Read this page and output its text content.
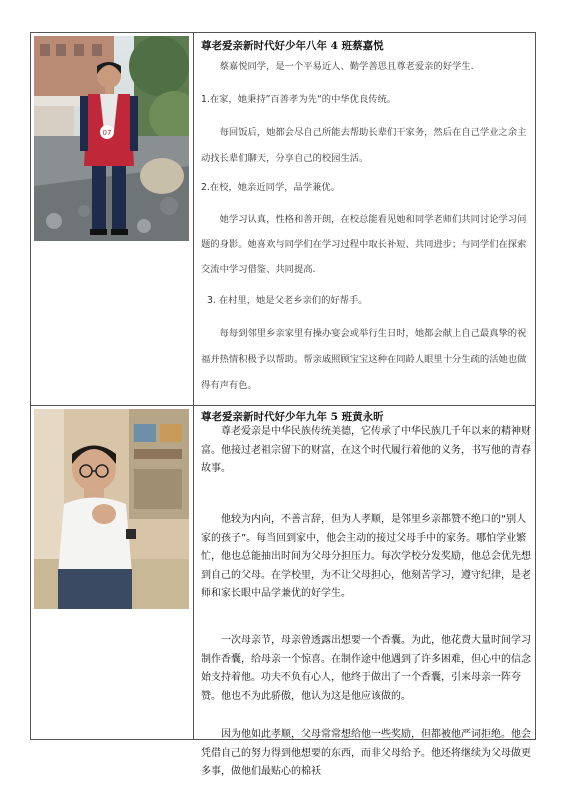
07
尊老爱亲新时代好少年八年 4 班蔡嘉悦

蔡嘉悦同学，是一个平易近人、勤学善思且尊老爱亲的好学生.

1.在家，她秉持”百善孝为先“的中华优良传统。

每回饭后，她都会尽自己所能去帮助长辈们干家务，然后在自己学业之余主动找长辈们聊天，分享自己的校园生活。

2.在校，她亲近同学，品学兼优。

她学习认真，性格和善开朗，在校总能看见她和同学老师们共同讨论学习问题的身影。她喜欢与同学们在学习过程中取长补短、共同进步；与同学们在探索交流中学习借鉴、共同提高.

3. 在村里，她是父老乡亲们的好帮手。

每每到邻里乡亲家里有操办宴会或举行生日时，她都会献上自己最真挚的祝福并热情积极予以帮助。帮亲戚照顾宝宝这种在同龄人眼里十分生疏的活她也做得有声有色。

尊老爱亲新时代好少年九年 5 班黄永昕

尊老爱亲是中华民族传统美德，它传承了中华民族几千年以来的精神财富。他接过老祖宗留下的财富，在这个时代履行着他的义务，书写他的青春故事。

他较为内向，不善言辞，但为人孝顺，是邻里乡亲都赞不绝口的“别人家的孩子”。每当回到家中，他会主动的接过父母手中的家务。哪怕学业繁忙，他也总能抽出时间为父母分担压力。每次学校分发奖励，他总会优先想到自己的父母。在学校里，为不让父母担心，他刻苦学习，遵守纪律，是老师和家长眼中品学兼优的好学生。

一次母亲节，母亲曾透露出想要一个香囊。为此，他花费大量时间学习制作香囊，给母亲一个惊喜。在制作途中他遇到了许多困难，但心中的信念始支持着他。功夫不负有心人，他终于做出了一个香囊，引来母亲一阵夸赞。他也不为此骄傲，他认为这是他应该做的。

因为他如此孝顺，父母常常想给他一些奖励，但都被他严词拒绝。他会凭借自己的努力得到他想要的东西，而非父母给予。他还将继续为父母做更多事，做他们最贴心的棉袄
